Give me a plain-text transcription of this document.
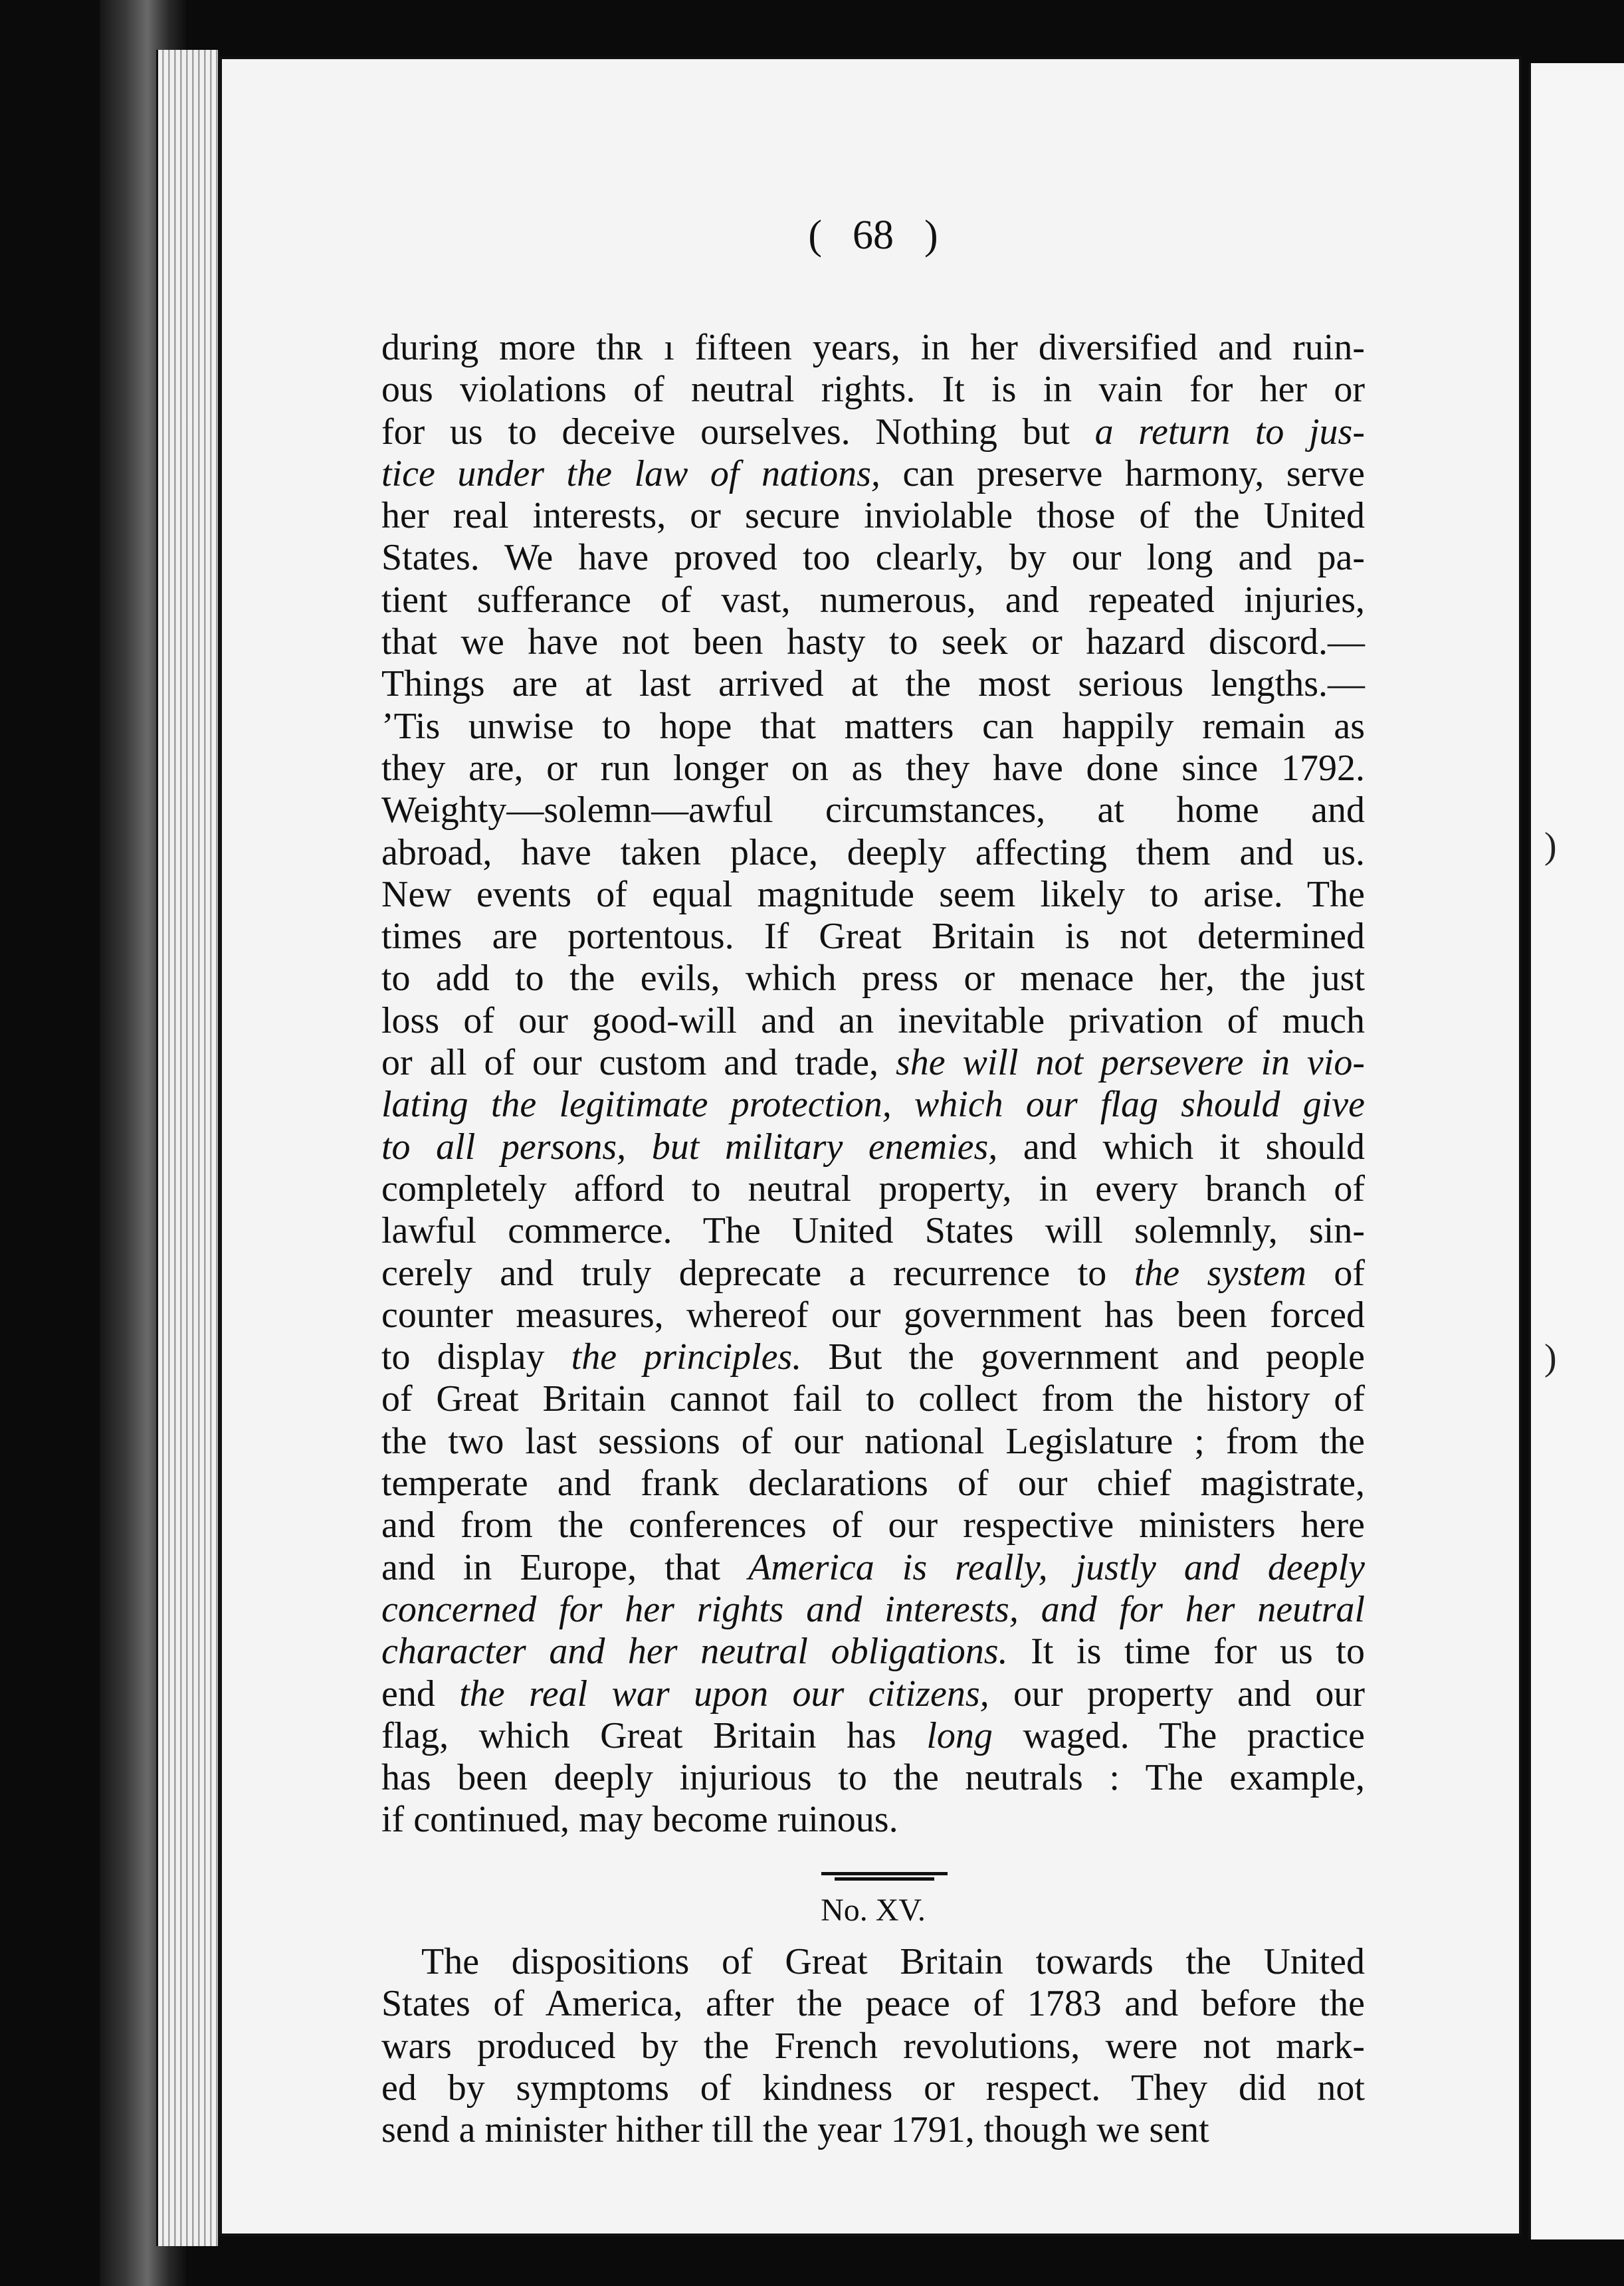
)
)
( 68 )
during more thʀ ı fifteen years, in her diversified and ruin-
ous violations of neutral rights. It is in vain for her or
for us to deceive ourselves. Nothing but a return to jus-
tice under the law of nations, can preserve harmony, serve
her real interests, or secure inviolable those of the United
States. We have proved too clearly, by our long and pa-
tient sufferance of vast, numerous, and repeated injuries,
that we have not been hasty to seek or hazard discord.—
Things are at last arrived at the most serious lengths.—
’Tis unwise to hope that matters can happily remain as
they are, or run longer on as they have done since 1792.
Weighty—solemn—awful circumstances, at home and
abroad, have taken place, deeply affecting them and us.
New events of equal magnitude seem likely to arise. The
times are portentous. If Great Britain is not determined
to add to the evils, which press or menace her, the just
loss of our good-will and an inevitable privation of much
or all of our custom and trade, she will not persevere in vio-
lating the legitimate protection, which our flag should give
to all persons, but military enemies, and which it should
completely afford to neutral property, in every branch of
lawful commerce. The United States will solemnly, sin-
cerely and truly deprecate a recurrence to the system of
counter measures, whereof our government has been forced
to display the principles. But the government and people
of Great Britain cannot fail to collect from the history of
the two last sessions of our national Legislature ; from the
temperate and frank declarations of our chief magistrate,
and from the conferences of our respective ministers here
and in Europe, that America is really, justly and deeply
concerned for her rights and interests, and for her neutral
character and her neutral obligations. It is time for us to
end the real war upon our citizens, our property and our
flag, which Great Britain has long waged. The practice
has been deeply injurious to the neutrals : The example,
if continued, may become ruinous.
No. XV.
The dispositions of Great Britain towards the United
States of America, after the peace of 1783 and before the
wars produced by the French revolutions, were not mark-
ed by symptoms of kindness or respect. They did not
send a minister hither till the year 1791, though we sent
